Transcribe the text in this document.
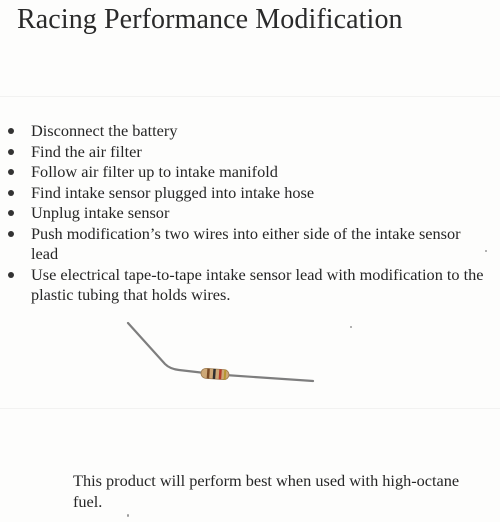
Racing Performance Modification
Disconnect the battery
Find the air filter
Follow air filter up to intake manifold
Find intake sensor plugged into intake hose
Unplug intake sensor
Push modification’s two wires into either side of the intake sensor lead
Use electrical tape-to-tape intake sensor lead with modification to the plastic tubing that holds wires.

This product will perform best when used with high-octane fuel.
